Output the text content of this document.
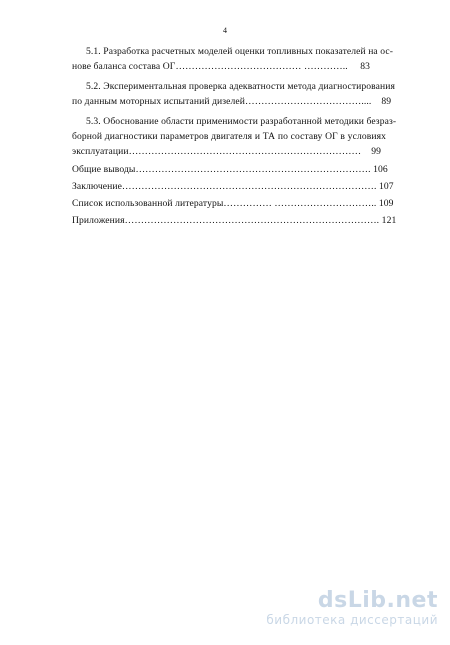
4
5.1. Разработка расчетных моделей оценки топливных показателей на ос-
нове баланса состава ОГ………………………………… …………..     83
5.2. Экспериментальная проверка адекватности метода диагностирования
по данным моторных испытаний дизелей………………………………....    89
5.3. Обоснование области применимости разработанной методики безраз-
борной диагностики параметров двигателя и ТА по составу ОГ в условиях
эксплуатации………………………………………………………………    99
Общие выводы………………………………………………………………. 106
Заключение……………………………………………………………………. 107
Список использованной литературы…………… ………………………….. 109
Приложения……………………………………………………………………. 121
dsLib.net
библиотека диссертаций
